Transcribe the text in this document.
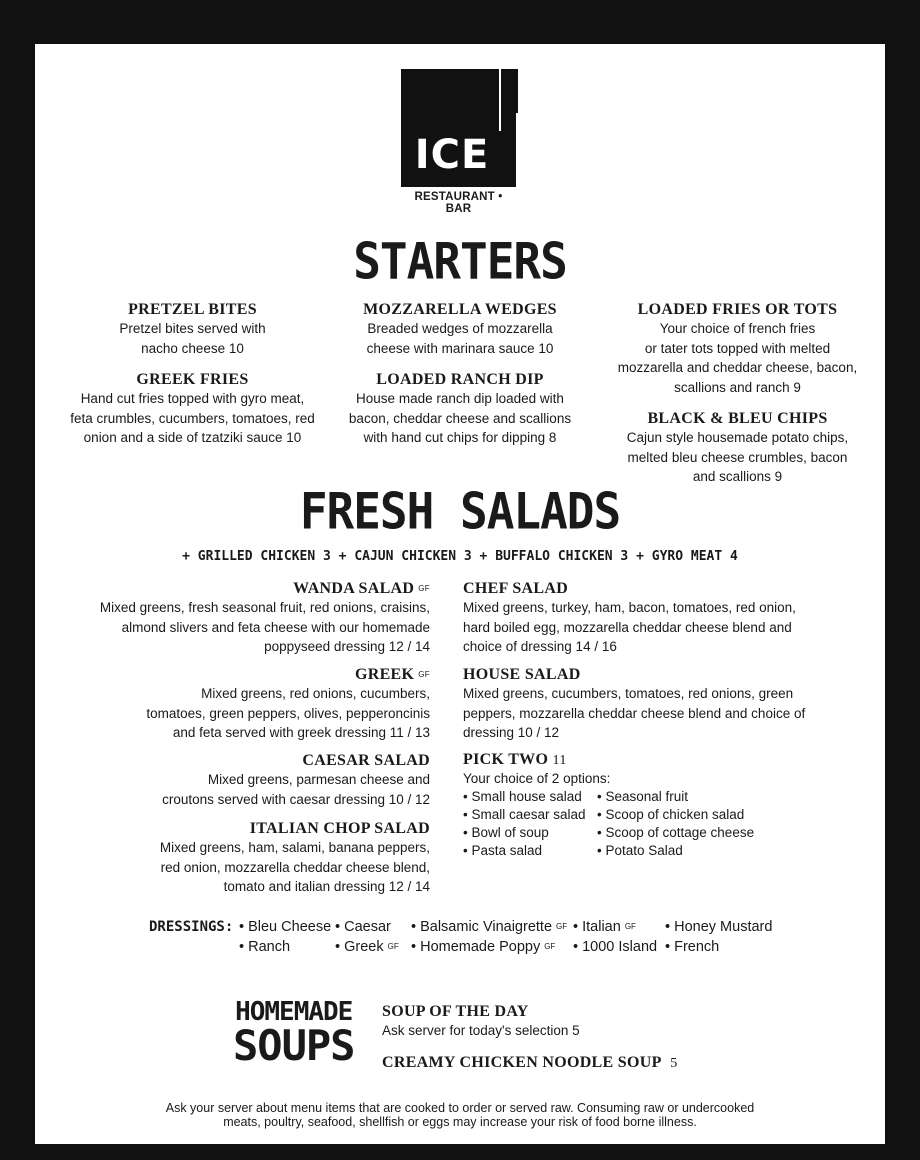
ICE
RESTAURANT • BAR
STARTERS
PRETZEL BITES
Pretzel bites served with
nacho cheese 10
GREEK FRIES
Hand cut fries topped with gyro meat,
feta crumbles, cucumbers, tomatoes, red
onion and a side of tzatziki sauce 10
MOZZARELLA WEDGES
Breaded wedges of mozzarella
cheese with marinara sauce 10
LOADED RANCH DIP
House made ranch dip loaded with
bacon, cheddar cheese and scallions
with hand cut chips for dipping 8
LOADED FRIES OR TOTS
Your choice of french fries
or tater tots topped with melted
mozzarella and cheddar cheese, bacon,
scallions and ranch 9
BLACK & BLEU CHIPS
Cajun style housemade potato chips,
melted bleu cheese crumbles, bacon
and scallions 9
FRESH SALADS
+ GRILLED CHICKEN 3 + CAJUN CHICKEN 3 + BUFFALO CHICKEN 3 + GYRO MEAT 4
WANDA SALAD GF
Mixed greens, fresh seasonal fruit, red onions, craisins,
almond slivers and feta cheese with our homemade
poppyseed dressing 12 / 14
GREEK GF
Mixed greens, red onions, cucumbers,
tomatoes, green peppers, olives, pepperoncinis
and feta served with greek dressing 11 / 13
CAESAR SALAD
Mixed greens, parmesan cheese and
croutons served with caesar dressing 10 / 12
ITALIAN CHOP SALAD
Mixed greens, ham, salami, banana peppers,
red onion, mozzarella cheddar cheese blend,
tomato and italian dressing 12 / 14
CHEF SALAD
Mixed greens, turkey, ham, bacon, tomatoes, red onion,
hard boiled egg, mozzarella cheddar cheese blend and
choice of dressing 14 / 16
HOUSE SALAD
Mixed greens, cucumbers, tomatoes, red onions, green
peppers, mozzarella cheddar cheese blend and choice of
dressing 10 / 12
PICK TWO 11
Your choice of 2 options:
• Small house salad	• Seasonal fruit
• Small caesar salad • Scoop of chicken salad
• Bowl of soup	• Scoop of cottage cheese
• Pasta salad	• Potato Salad
DRESSINGS: • Bleu Cheese • Caesar • Balsamic Vinaigrette GF • Italian GF • Honey Mustard
• Ranch	• Greek GF • Homemade Poppy GF • 1000 Island • French
HOMEMADE
SOUPS
SOUP OF THE DAY
Ask server for today's selection 5
CREAMY CHICKEN NOODLE SOUP 5
Ask your server about menu items that are cooked to order or served raw. Consuming raw or undercooked
meats, poultry, seafood, shellfish or eggs may increase your risk of food borne illness.
